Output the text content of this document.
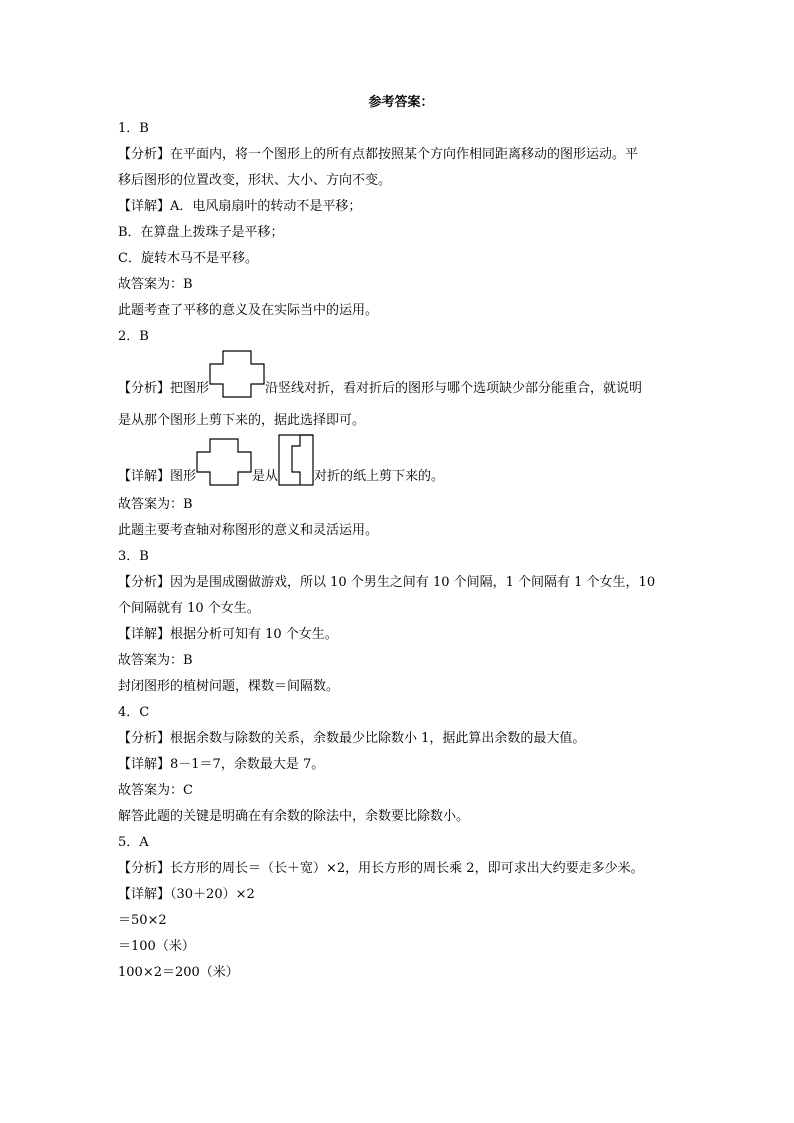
参考答案：
1．B
【分析】在平面内，将一个图形上的所有点都按照某个方向作相同距离移动的图形运动。平
移后图形的位置改变，形状、大小、方向不变。
【详解】A．电风扇扇叶的转动不是平移；
B．在算盘上拨珠子是平移；
C．旋转木马不是平移。
故答案为：B
此题考查了平移的意义及在实际当中的运用。
2．B
【分析】把图形	沿竖线对折，看对折后的图形与哪个选项缺少部分能重合，就说明
是从那个图形上剪下来的，据此选择即可。
【详解】图形	是从	对折的纸上剪下来的。
故答案为：B
此题主要考查轴对称图形的意义和灵活运用。
3．B
【分析】因为是围成圈做游戏，所以 10 个男生之间有 10 个间隔，1 个间隔有 1 个女生，10
个间隔就有 10 个女生。
【详解】根据分析可知有 10 个女生。
故答案为：B
封闭图形的植树问题，棵数＝间隔数。
4．C
【分析】根据余数与除数的关系，余数最少比除数小 1，据此算出余数的最大值。
【详解】8－1＝7，余数最大是 7。
故答案为：C
解答此题的关键是明确在有余数的除法中，余数要比除数小。
5．A
【分析】长方形的周长＝（长＋宽）×2，用长方形的周长乘 2，即可求出大约要走多少米。
【详解】（30＋20）×2
＝50×2
＝100（米）
100×2＝200（米）
